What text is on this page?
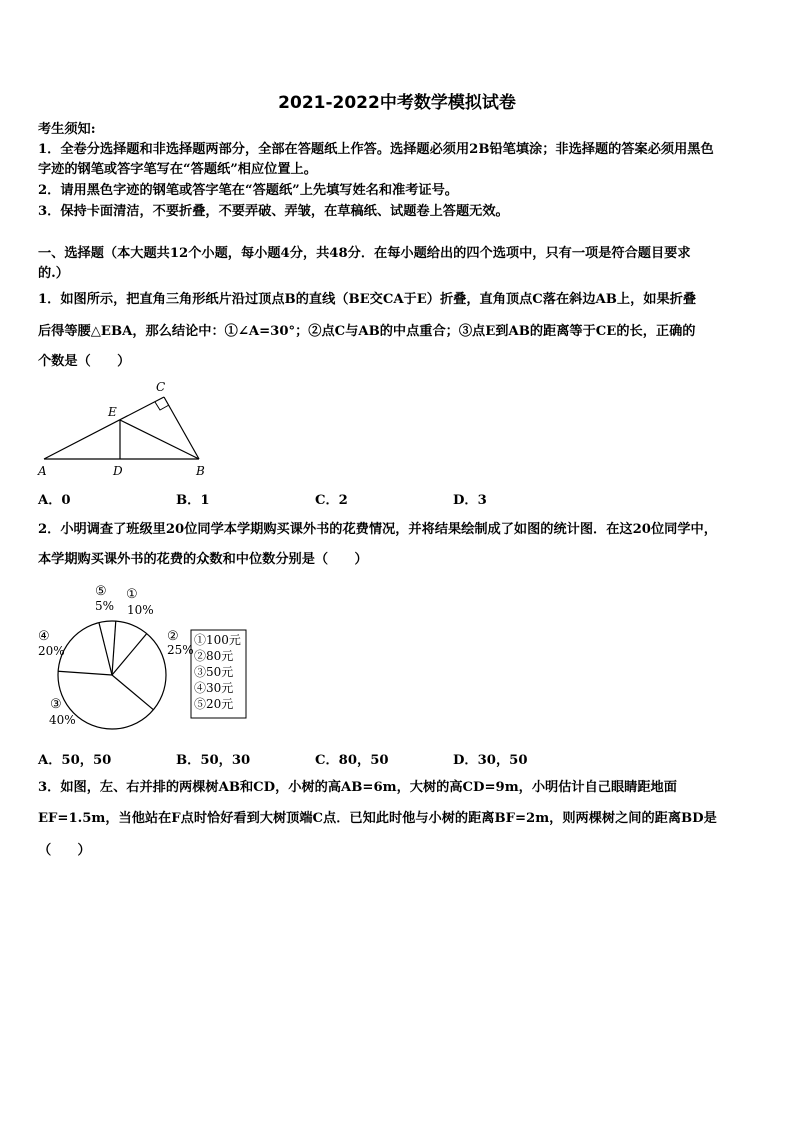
2021-2022中考数学模拟试卷
考生须知:
1．全卷分选择题和非选择题两部分，全部在答题纸上作答。选择题必须用2B铅笔填涂；非选择题的答案必须用黑色
字迹的钢笔或答字笔写在“答题纸”相应位置上。
2．请用黑色字迹的钢笔或答字笔在“答题纸”上先填写姓名和准考证号。
3．保持卡面清洁，不要折叠，不要弄破、弄皱，在草稿纸、试题卷上答题无效。
一、选择题（本大题共12个小题，每小题4分，共48分．在每小题给出的四个选项中，只有一项是符合题目要求
的.）
1．如图所示，把直角三角形纸片沿过顶点B的直线（BE交CA于E）折叠，直角顶点C落在斜边AB上，如果折叠
后得等腰△EBA，那么结论中：①∠A=30°；②点C与AB的中点重合；③点E到AB的距离等于CE的长，正确的
个数是（　　）
C
E
A	D	B
A．0	B．1	C．2	D．3
2．小明调查了班级里20位同学本学期购买课外书的花费情况，并将结果绘制成了如图的统计图．在这20位同学中，
本学期购买课外书的花费的众数和中位数分别是（　　）
①
10%
②
25%
③
40%
④
20%
⑤
5%
①100元
②80元
③50元
④30元
⑤20元
A．50，50	B．50，30	C．80，50	D．30，50
3．如图，左、右并排的两棵树AB和CD，小树的高AB=6m，大树的高CD=9m，小明估计自己眼睛距地面
EF=1.5m，当他站在F点时恰好看到大树顶端C点．已知此时他与小树的距离BF=2m，则两棵树之间的距离BD是
（　　）
